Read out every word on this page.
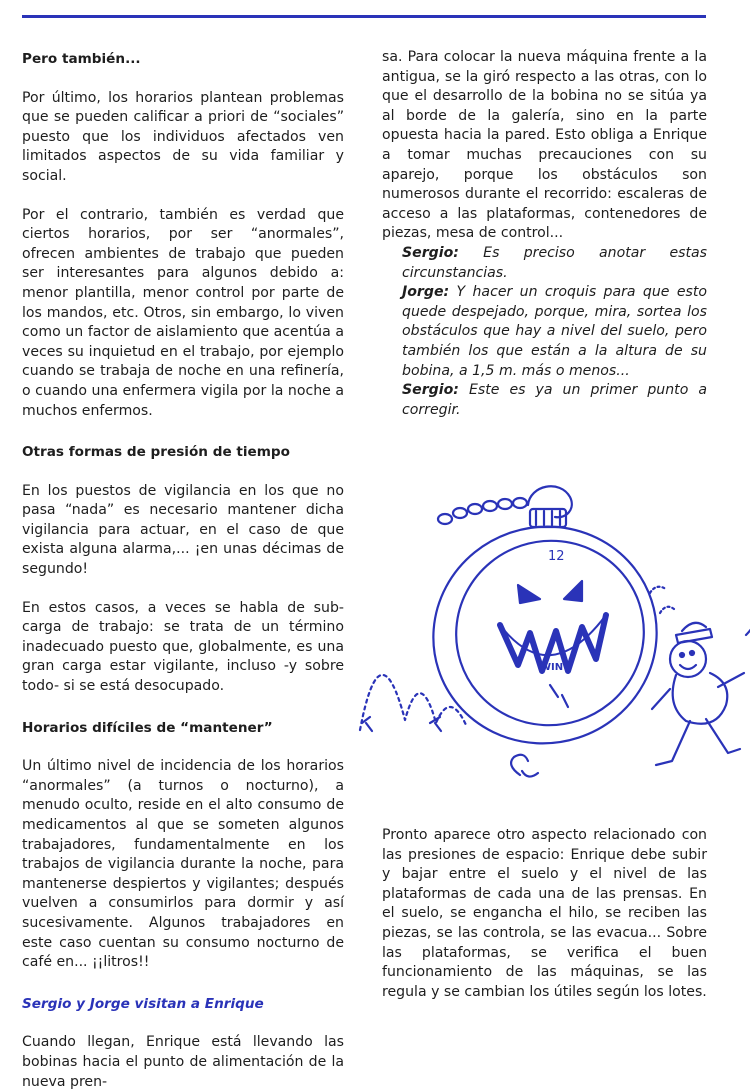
Pero también...

Por último, los horarios plantean problemas que se pueden calificar a priori de “sociales” puesto que los individuos afectados ven limitados aspectos de su vida familiar y social.

Por el contrario, también es verdad que ciertos horarios, por ser “anormales”, ofrecen ambientes de trabajo que pueden ser interesantes para algunos debido a: menor plantilla, menor control por parte de los mandos, etc. Otros, sin embargo, lo viven como un factor de aislamiento que acentúa a veces su inquietud en el trabajo, por ejemplo cuando se trabaja de noche en una refinería, o cuando una enfermera vigila por la noche a muchos enfermos.

Otras formas de presión de tiempo

En los puestos de vigilancia en los que no pasa “nada” es necesario mantener dicha vigilancia para actuar, en el caso de que exista alguna alarma,... ¡en unas décimas de segundo!

En estos casos, a veces se habla de sub-carga de trabajo: se trata de un término inadecuado puesto que, globalmente, es una gran carga estar vigilante, incluso -y sobre todo- si se está desocupado.

Horarios difíciles de “mantener”

Un último nivel de incidencia de los horarios “anormales” (a turnos o nocturno), a menudo oculto, reside en el alto consumo de medicamentos al que se someten algunos trabajadores, fundamentalmente en los trabajos de vigilancia durante la noche, para mantenerse despiertos y vigilantes; después vuelven a consumirlos para dormir y así sucesivamente. Algunos trabajadores en este caso cuentan su consumo nocturno de café en... ¡¡litros!!

Sergio y Jorge visitan a Enrique

Cuando llegan, Enrique está llevando las bobinas hacia el punto de alimentación de la nueva pren-

sa. Para colocar la nueva máquina frente a la antigua, se la giró respecto a las otras, con lo que el desarrollo de la bobina no se sitúa ya al borde de la galería, sino en la parte opuesta hacia la pared. Esto obliga a Enrique a tomar muchas precauciones con su aparejo, porque los obstáculos son numerosos durante el recorrido: escaleras de acceso a las plataformas, contenedores de piezas, mesa de control...

Sergio: Es preciso anotar estas circunstancias.

Jorge: Y hacer un croquis para que esto quede despejado, porque, mira, sortea los obstáculos que hay a nivel del suelo, pero también los que están a la altura de su bobina, a 1,5 m. más o menos...

Sergio: Este es ya un primer punto a corregir.

12
WIN

Pronto aparece otro aspecto relacionado con las presiones de espacio: Enrique debe subir y bajar entre el suelo y el nivel de las plataformas de cada una de las prensas. En el suelo, se engancha el hilo, se reciben las piezas, se las controla, se las evacua... Sobre las plataformas, se verifica el buen funcionamiento de las máquinas, se las regula y se cambian los útiles según los lotes.
